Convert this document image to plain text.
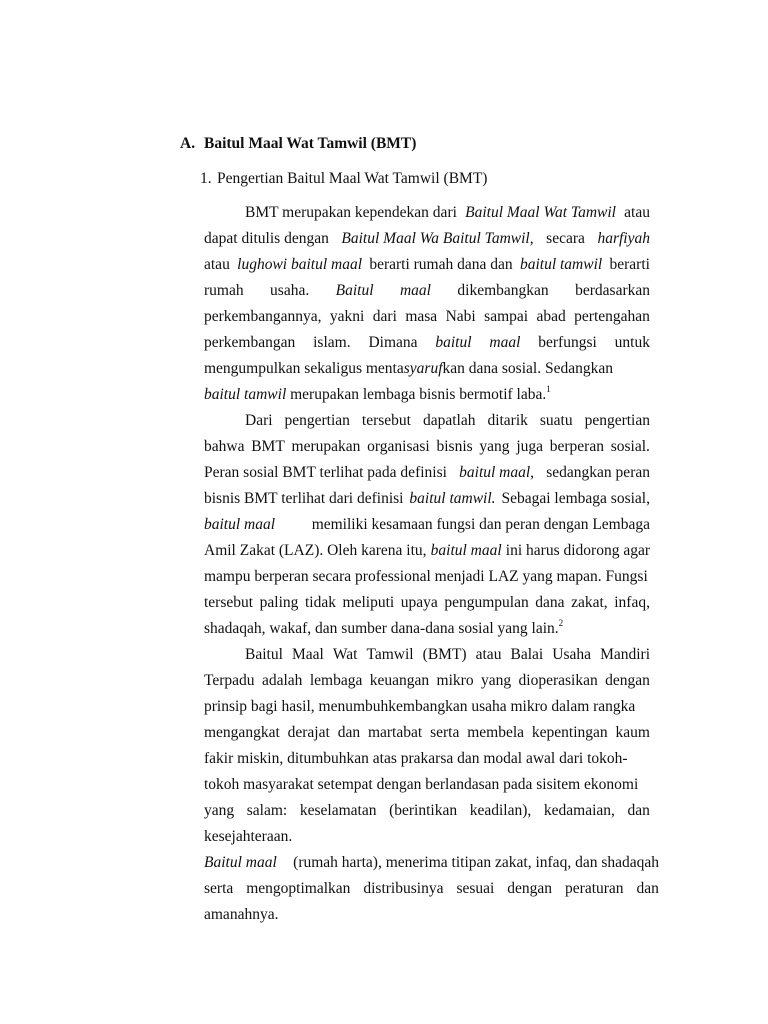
A. Baitul Maal Wat Tamwil (BMT)

1. Pengertian Baitul Maal Wat Tamwil (BMT)

BMT merupakan kependekan dari Baitul Maal Wat Tamwil atau

dapat ditulis dengan Baitul Maal Wa Baitul Tamwil, secara harfiyah

atau lughowi baitul maal berarti rumah dana dan baitul tamwil berarti

rumah usaha. Baitul maal dikembangkan berdasarkan

perkembangannya, yakni dari masa Nabi sampai abad pertengahan

perkembangan islam. Dimana baitul maal berfungsi untuk

mengumpulkan sekaligus mentasyarufkan dana sosial. Sedangkan

baitul tamwil merupakan lembaga bisnis bermotif laba.$^1$

Dari pengertian tersebut dapatlah ditarik suatu pengertian

bahwa BMT merupakan organisasi bisnis yang juga berperan sosial.

Peran sosial BMT terlihat pada definisi baitul maal, sedangkan peran

bisnis BMT terlihat dari definisi baitul tamwil. Sebagai lembaga sosial,

baitul maal memiliki kesamaan fungsi dan peran dengan Lembaga

Amil Zakat (LAZ). Oleh karena itu, baitul maal ini harus didorong agar

mampu berperan secara professional menjadi LAZ yang mapan. Fungsi

tersebut paling tidak meliputi upaya pengumpulan dana zakat, infaq,

shadaqah, wakaf, dan sumber dana-dana sosial yang lain.$^2$

Baitul Maal Wat Tamwil (BMT) atau Balai Usaha Mandiri

Terpadu adalah lembaga keuangan mikro yang dioperasikan dengan

prinsip bagi hasil, menumbuhkembangkan usaha mikro dalam rangka

mengangkat derajat dan martabat serta membela kepentingan kaum

fakir miskin, ditumbuhkan atas prakarsa dan modal awal dari tokoh-

tokoh masyarakat setempat dengan berlandasan pada sisitem ekonomi

yang salam: keselamatan (berintikan keadilan), kedamaian, dan

kesejahteraan.

Baitul maal (rumah harta), menerima titipan zakat, infaq, dan shadaqah

serta mengoptimalkan distribusinya sesuai dengan peraturan dan

amanahnya.
